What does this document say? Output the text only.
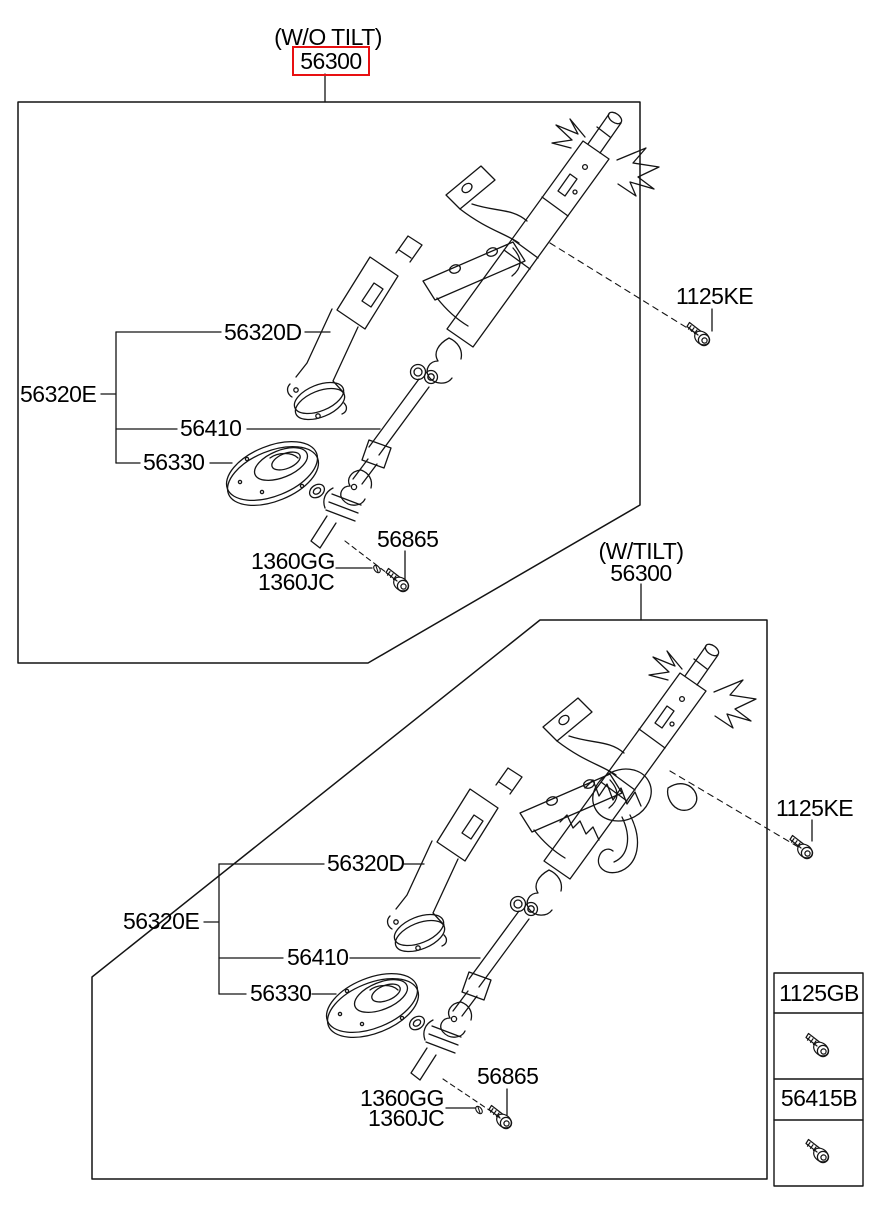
(W/O TILT)
56300
56320D
56320E
56410
56330
1125KE
56865
1360GG
1360JC
(W/TILT)
56300
56320D
56320E
56410
56330
1125KE
56865
1360GG
1360JC
1125GB
56415B
